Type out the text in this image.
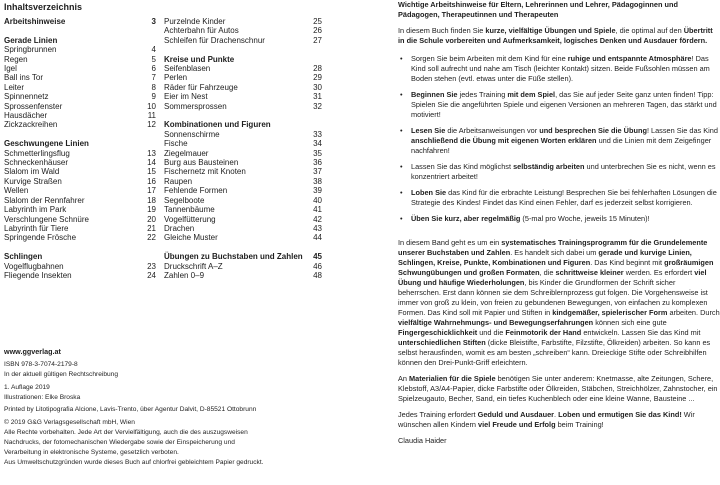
Inhaltsverzeichnis
Arbeitshinweise	3
Gerade Linien
Springbrunnen	4
Regen	5
Igel	6
Ball ins Tor	7
Leiter	8
Spinnennetz	9
Sprossenfenster	10
Hausdächer	11
Zickzackreihen	12
Geschwungene Linien
Schmetterlingsflug	13
Schneckenhäuser	14
Slalom im Wald	15
Kurvige Straßen	16
Wellen	17
Slalom der Rennfahrer	18
Labyrinth im Park	19
Verschlungene Schnüre	20
Labyrinth für Tiere	21
Springende Frösche	22
Schlingen
Vogelflugbahnen	23
Fliegende Insekten	24
www.ggverlag.at
ISBN 978-3-7074-2179-8
In der aktuell gültigen Rechtschreibung
1. Auflage 2019
Illustrationen: Elke Broska
Printed by Litotipografia Alcione, Lavis-Trento, über Agentur Dalvit, D-85521 Ottobrunn
© 2019 G&G Verlagsgesellschaft mbH, Wien
Alle Rechte vorbehalten. Jede Art der Vervielfältigung, auch die des auszugsweisen
Nachdrucks, der fotomechanischen Wiedergabe sowie der Einspeicherung und
Verarbeitung in elektronische Systeme, gesetzlich verboten.
Aus Umweltschutzgründen wurde dieses Buch auf chlorfrei gebleichtem Papier gedruckt.
Purzelnde Kinder	25
Achterbahn für Autos	26
Schleifen für Drachenschnur	27
Kreise und Punkte
Seifenblasen	28
Perlen	29
Räder für Fahrzeuge	30
Eier im Nest	31
Sommersprossen	32
Kombinationen und Figuren
Sonnenschirme	33
Fische	34
Ziegelmauer	35
Burg aus Bausteinen	36
Fischernetz mit Knoten	37
Raupen	38
Fehlende Formen	39
Segelboote	40
Tannenbäume	41
Vogelfütterung	42
Drachen	43
Gleiche Muster	44
Übungen zu Buchstaben und Zahlen	45
Druckschrift A–Z	46
Zahlen 0–9	48

Wichtige Arbeitshinweise für Eltern, Lehrerinnen und Lehrer, Pädagoginnen und Pädagogen, Therapeutinnen und Therapeuten

In diesem Buch finden Sie kurze, vielfältige Übungen und Spiele, die optimal auf den Übertritt in die Schule vorbereiten und Aufmerksamkeit, logisches Denken und Ausdauer fördern.

•	Sorgen Sie beim Arbeiten mit dem Kind für eine ruhige und entspannte Atmosphäre! Das Kind soll aufrecht und nahe am Tisch (leichter Kontakt) sitzen. Beide Fußsohlen müssen am Boden stehen (evtl. etwas unter die Füße stellen).
•	Beginnen Sie jedes Training mit dem Spiel, das Sie auf jeder Seite ganz unten finden! Tipp: Spielen Sie die angeführten Spiele und eigenen Versionen an mehreren Tagen, das stärkt und motiviert!
•	Lesen Sie die Arbeitsanweisungen vor und besprechen Sie die Übung! Lassen Sie das Kind anschließend die Übung mit eigenen Worten erklären und die Linien mit dem Zeigefinger nachfahren!
•	Lassen Sie das Kind möglichst selbständig arbeiten und unterbrechen Sie es nicht, wenn es konzentriert arbeitet!
•	Loben Sie das Kind für die erbrachte Leistung! Besprechen Sie bei fehlerhaften Lösungen die Strategie des Kindes! Findet das Kind einen Fehler, darf es jederzeit selbst korrigieren.
•	Üben Sie kurz, aber regelmäßig (5-mal pro Woche, jeweils 15 Minuten)!

In diesem Band geht es um ein systematisches Trainingsprogramm für die Grundelemente unserer Buchstaben und Zahlen. Es handelt sich dabei um gerade und kurvige Linien, Schlingen, Kreise, Punkte, Kombinationen und Figuren. Das Kind beginnt mit großräumigen Schwungübungen und großen Formaten, die schrittweise kleiner werden. Es erfordert viel Übung und häufige Wiederholungen, bis Kinder die Grundformen der Schrift sicher beherrschen. Erst dann können sie dem Schreiblernprozess gut folgen. Die Vorgehensweise ist immer von groß zu klein, von freien zu gebundenen Bewegungen, von einfachen zu komplexen Formen. Das Kind soll mit Papier und Stiften in kindgemäßer, spielerischer Form arbeiten. Durch vielfältige Wahrnehmungs- und Bewegungserfahrungen können sich eine gute Fingergeschicklichkeit und die Feinmotorik der Hand entwickeln. Lassen Sie das Kind mit unterschiedlichen Stiften (dicke Bleistifte, Farbstifte, Filzstifte, Ölkreiden) arbeiten. So kann es selbst herausfinden, womit es am besten „schreiben“ kann. Dreieckige Stifte oder Schreibhilfen können den Drei-Punkt-Griff erleichtern.

An Materialien für die Spiele benötigen Sie unter anderem: Knetmasse, alte Zeitungen, Schere, Klebstoff, A3/A4-Papier, dicke Farbstifte oder Ölkreiden, Stäbchen, Streichhölzer, Zahnstocher, ein Spielzeugauto, Becher, Sand, ein tiefes Kuchenblech oder eine kleine Wanne, Bausteine ...

Jedes Training erfordert Geduld und Ausdauer. Loben und ermutigen Sie das Kind! Wir wünschen allen Kindern viel Freude und Erfolg beim Training!

Claudia Haider
